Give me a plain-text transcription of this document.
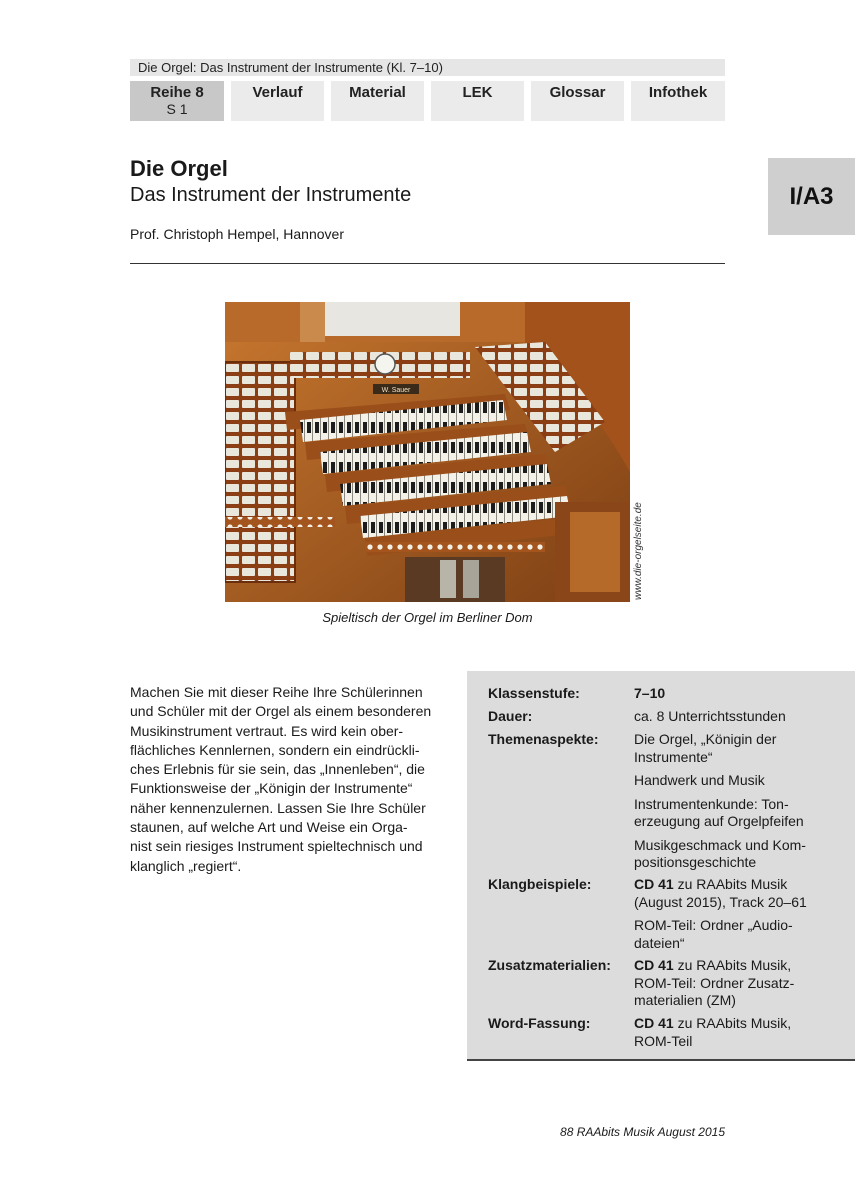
Die Orgel: Das Instrument der Instrumente (Kl. 7–10)
Reihe 8
S 1
Verlauf	Material	LEK	Glossar	Infothek
I/A3
Die Orgel
Das Instrument der Instrumente
Prof. Christoph Hempel, Hannover
W. Sauer
www.die-orgelseite.de
Spieltisch der Orgel im Berliner Dom
Machen Sie mit dieser Reihe Ihre Schülerinnen
und Schüler mit der Orgel als einem besonderen
Musikinstrument vertraut. Es wird kein ober-
flächliches Kennlernen, sondern ein eindrückli-
ches Erlebnis für sie sein, das „Innenleben“, die
Funktionsweise der „Königin der Instrumente“
näher kennenzulernen. Lassen Sie Ihre Schüler
staunen, auf welche Art und Weise ein Orga-
nist sein riesiges Instrument spieltechnisch und
klanglich „regiert“.
Klassenstufe:	7–10
Dauer:	ca. 8 Unterrichtsstunden
Themenaspekte:	Die Orgel, „Königin der
Instrumente“
Handwerk und Musik
Instrumentenkunde: Ton-
erzeugung auf Orgelpfeifen
Musikgeschmack und Kom-
positionsgeschichte
Klangbeispiele:	CD 41 zu RAAbits Musik
(August 2015), Track 20–61
ROM-Teil: Ordner „Audio-
dateien“
Zusatzmaterialien:	CD 41 zu RAAbits Musik,
ROM-Teil: Ordner Zusatz-
materialien (ZM)
Word-Fassung:	CD 41 zu RAAbits Musik,
ROM-Teil
88 RAAbits Musik August 2015
